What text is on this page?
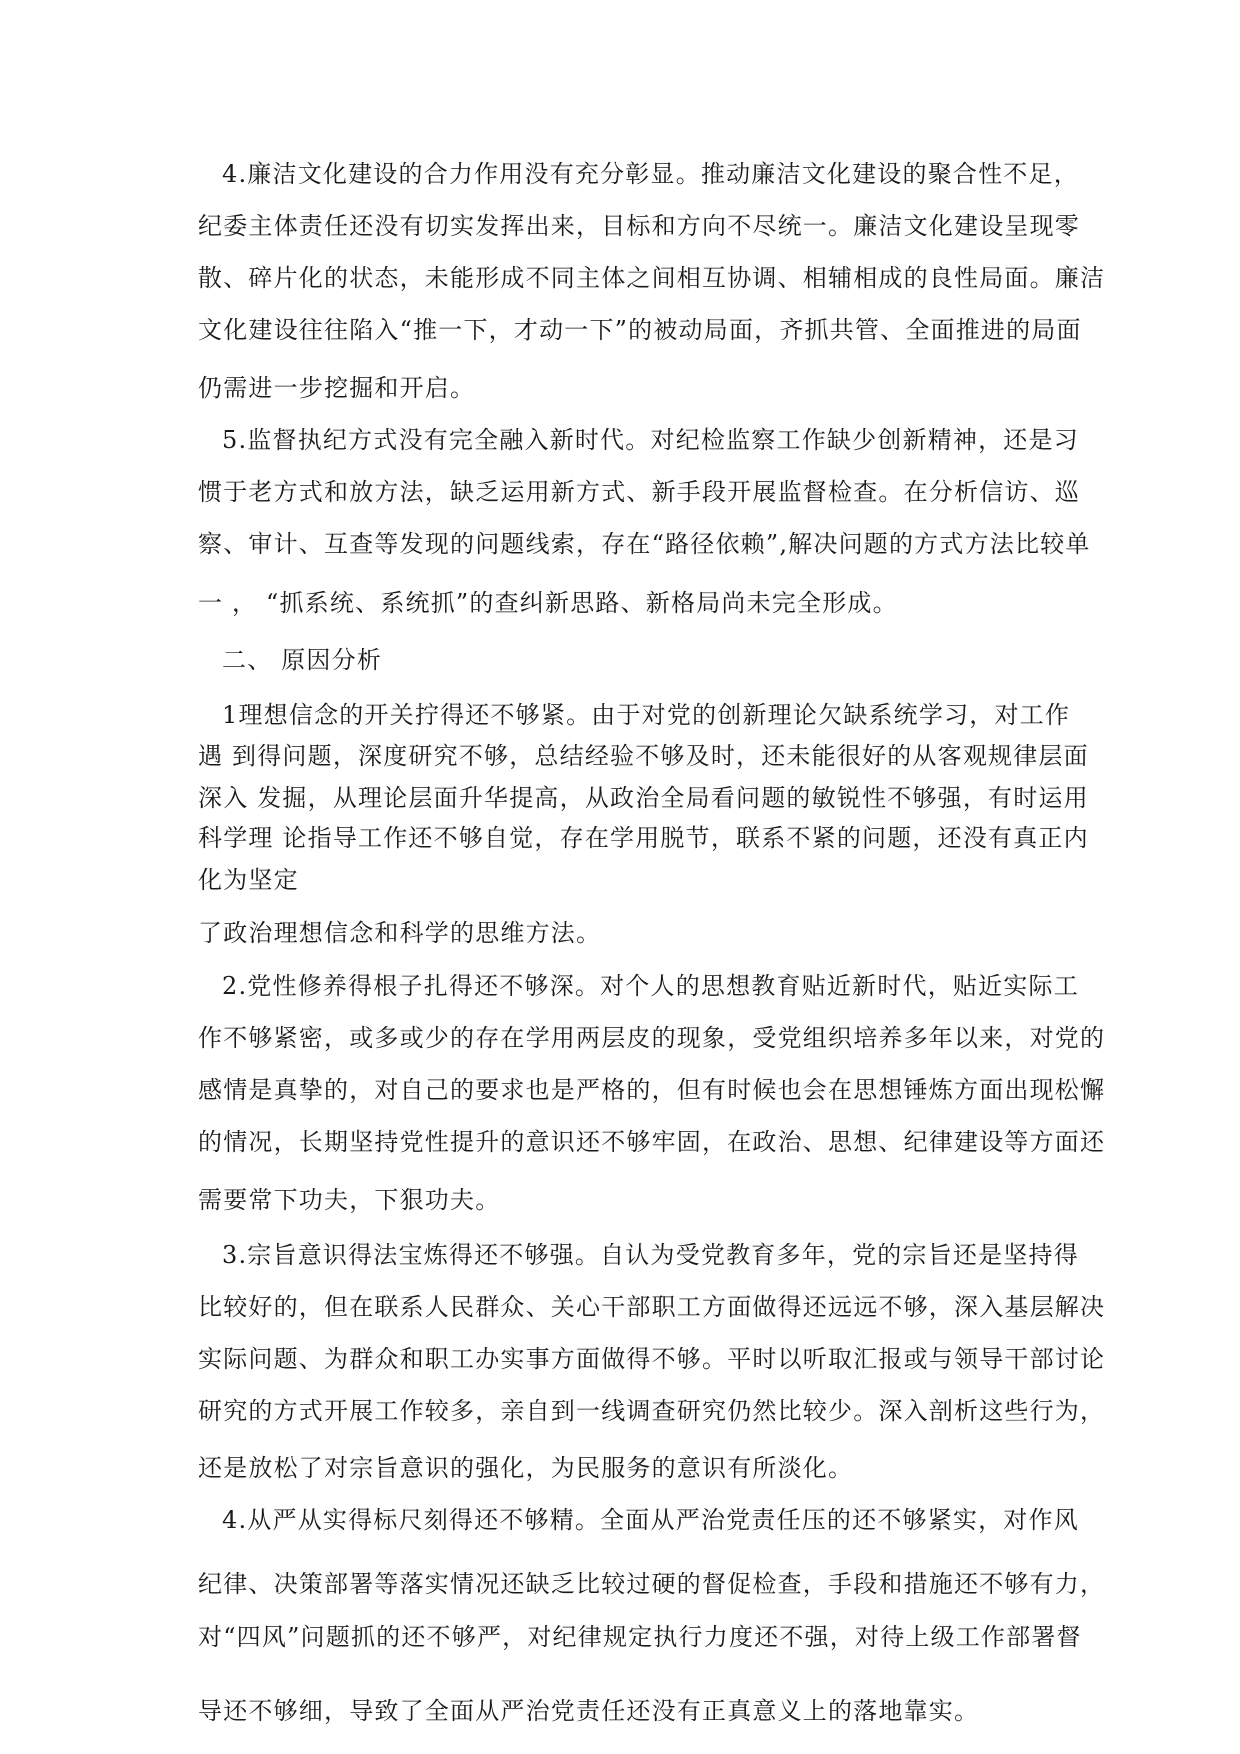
4.廉洁文化建设的合力作用没有充分彰显。推动廉洁文化建设的聚合性不足，
纪委主体责任还没有切实发挥出来，目标和方向不尽统一。廉洁文化建设呈现零
散、碎片化的状态，未能形成不同主体之间相互协调、相辅相成的良性局面。廉洁
文化建设往往陷入“推一下，才动一下”的被动局面，齐抓共管、全面推进的局面
仍需进一步挖掘和开启。
5.监督执纪方式没有完全融入新时代。对纪检监察工作缺少创新精神，还是习
惯于老方式和放方法，缺乏运用新方式、新手段开展监督检查。在分析信访、巡
察、审计、互查等发现的问题线索，存在“路径依赖”,解决问题的方式方法比较单
一 ， “抓系统、系统抓”的查纠新思路、新格局尚未完全形成。
二、 原因分析
1理想信念的开关拧得还不够紧。由于对党的创新理论欠缺系统学习，对工作
遇 到得问题，深度研究不够，总结经验不够及时，还未能很好的从客观规律层面
深入 发掘，从理论层面升华提高，从政治全局看问题的敏锐性不够强，有时运用
科学理 论指导工作还不够自觉，存在学用脱节，联系不紧的问题，还没有真正内
化为坚定
了政治理想信念和科学的思维方法。
2.党性修养得根子扎得还不够深。对个人的思想教育贴近新时代，贴近实际工
作不够紧密，或多或少的存在学用两层皮的现象，受党组织培养多年以来，对党的
感情是真挚的，对自己的要求也是严格的，但有时候也会在思想锤炼方面出现松懈
的情况，长期坚持党性提升的意识还不够牢固，在政治、思想、纪律建设等方面还
需要常下功夫，下狠功夫。
3.宗旨意识得法宝炼得还不够强。自认为受党教育多年，党的宗旨还是坚持得
比较好的，但在联系人民群众、关心干部职工方面做得还远远不够，深入基层解决
实际问题、为群众和职工办实事方面做得不够。平时以听取汇报或与领导干部讨论
研究的方式开展工作较多，亲自到一线调查研究仍然比较少。深入剖析这些行为，
还是放松了对宗旨意识的强化，为民服务的意识有所淡化。
4.从严从实得标尺刻得还不够精。全面从严治党责任压的还不够紧实，对作风
纪律、决策部署等落实情况还缺乏比较过硬的督促检查，手段和措施还不够有力，
对“四风”问题抓的还不够严，对纪律规定执行力度还不强，对待上级工作部署督
导还不够细，导致了全面从严治党责任还没有正真意义上的落地靠实。
